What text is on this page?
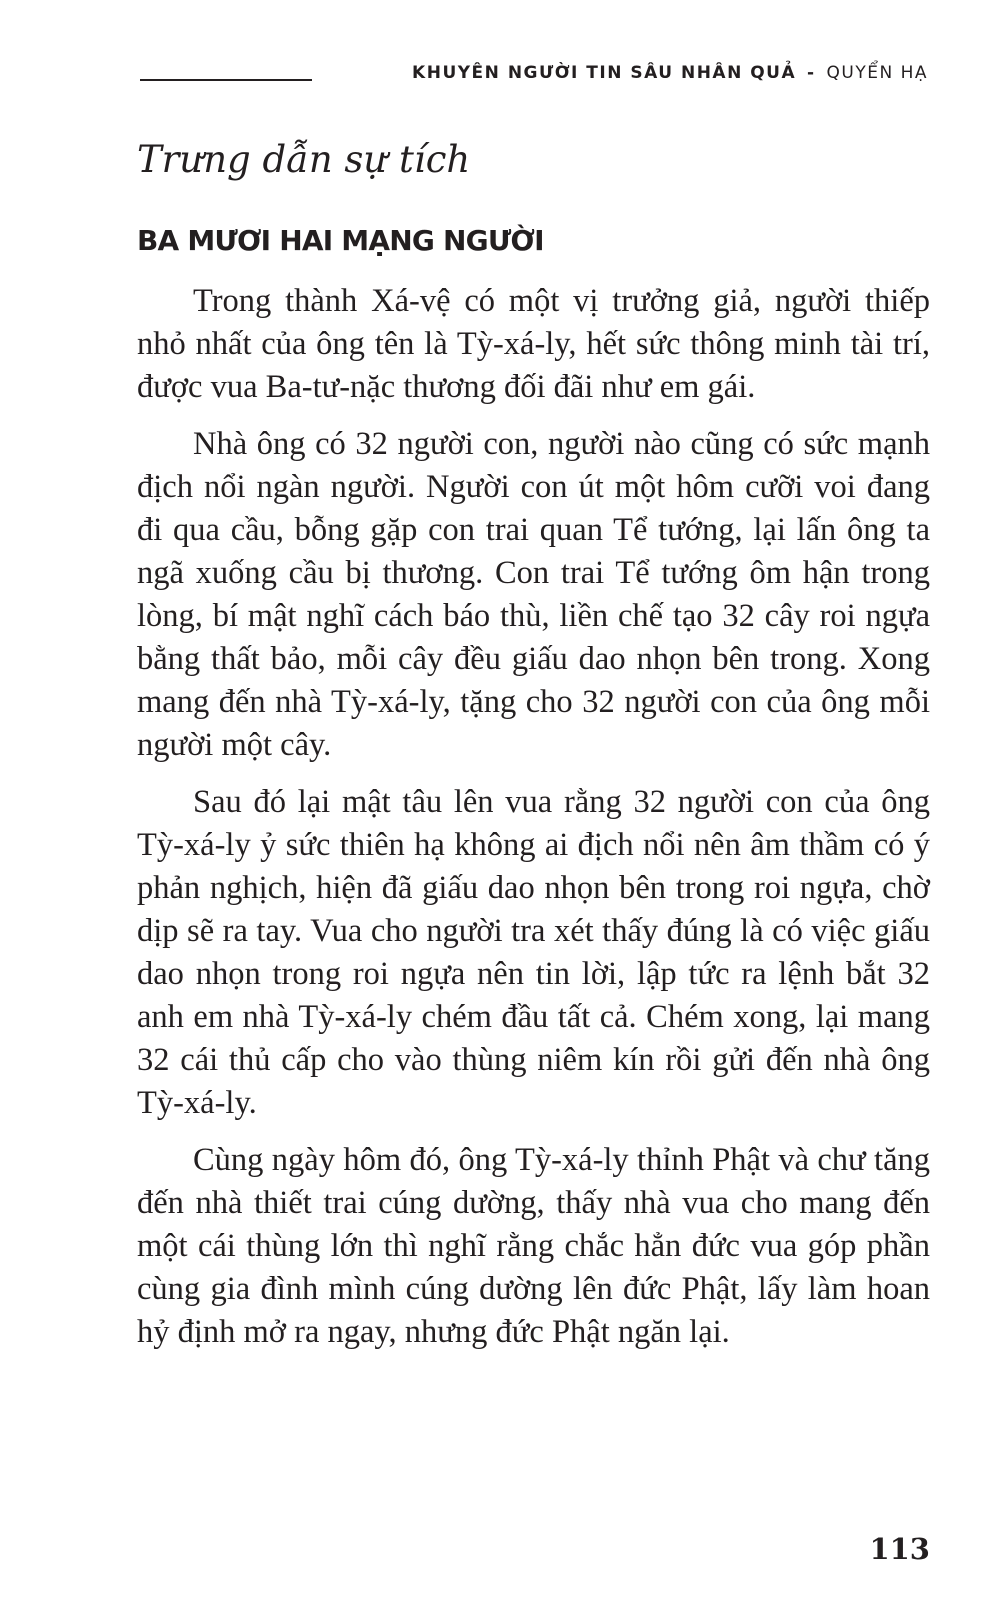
KHUYÊN NGƯỜI TIN SÂU NHÂN QUẢ - QUYỂN HẠ
Trưng dẫn sự tích
BA MƯƠI HAI MẠNG NGƯỜI

Trong thành Xá-vệ có một vị trưởng giả, người thiếp nhỏ nhất của ông tên là Tỳ-xá-ly, hết sức thông minh tài trí, được vua Ba-tư-nặc thương đối đãi như em gái.

Nhà ông có 32 người con, người nào cũng có sức mạnh địch nổi ngàn người. Người con út một hôm cưỡi voi đang đi qua cầu, bỗng gặp con trai quan Tể tướng, lại lấn ông ta ngã xuống cầu bị thương. Con trai Tể tướng ôm hận trong lòng, bí mật nghĩ cách báo thù, liền chế tạo 32 cây roi ngựa bằng thất bảo, mỗi cây đều giấu dao nhọn bên trong. Xong mang đến nhà Tỳ-xá-ly, tặng cho 32 người con của ông mỗi người một cây.

Sau đó lại mật tâu lên vua rằng 32 người con của ông Tỳ-xá-ly ỷ sức thiên hạ không ai địch nổi nên âm thầm có ý phản nghịch, hiện đã giấu dao nhọn bên trong roi ngựa, chờ dịp sẽ ra tay. Vua cho người tra xét thấy đúng là có việc giấu dao nhọn trong roi ngựa nên tin lời, lập tức ra lệnh bắt 32 anh em nhà Tỳ-xá-ly chém đầu tất cả. Chém xong, lại mang 32 cái thủ cấp cho vào thùng niêm kín rồi gửi đến nhà ông Tỳ-xá-ly.

Cùng ngày hôm đó, ông Tỳ-xá-ly thỉnh Phật và chư tăng đến nhà thiết trai cúng dường, thấy nhà vua cho mang đến một cái thùng lớn thì nghĩ rằng chắc hẳn đức vua góp phần cùng gia đình mình cúng dường lên đức Phật, lấy làm hoan hỷ định mở ra ngay, nhưng đức Phật ngăn lại.

113
